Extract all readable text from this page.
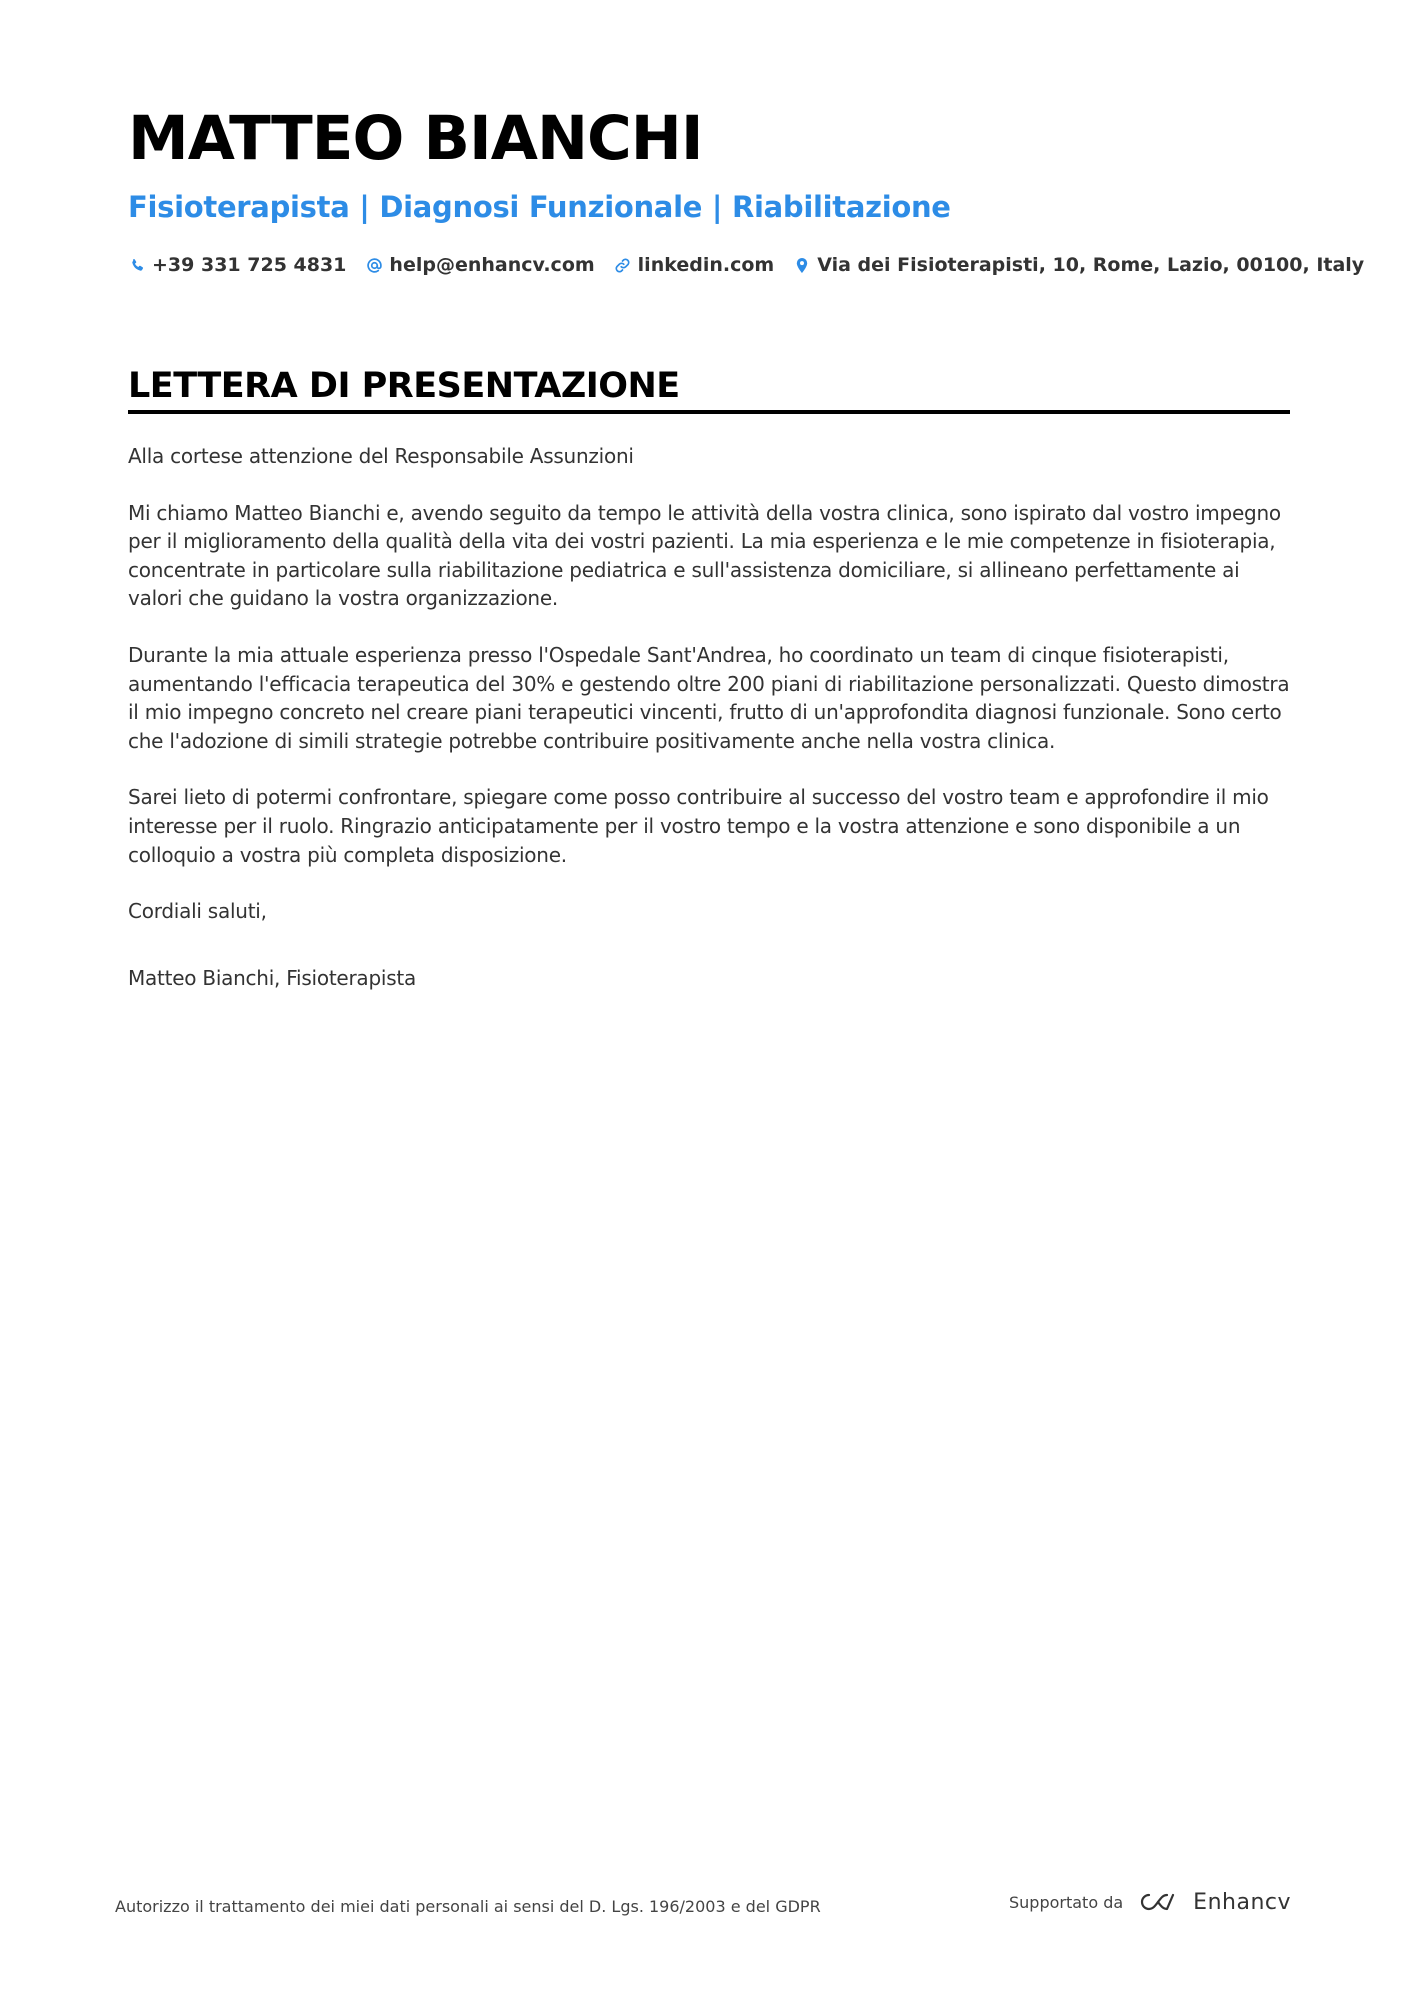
MATTEO BIANCHI
Fisioterapista | Diagnosi Funzionale | Riabilitazione
+39 331 725 4831 help@enhancv.com linkedin.com Via dei Fisioterapisti, 10, Rome, Lazio, 00100, Italy
LETTERA DI PRESENTAZIONE

Alla cortese attenzione del Responsabile Assunzioni

Mi chiamo Matteo Bianchi e, avendo seguito da tempo le attività della vostra clinica, sono ispirato dal vostro impegno per il miglioramento della qualità della vita dei vostri pazienti. La mia esperienza e le mie competenze in fisioterapia, concentrate in particolare sulla riabilitazione pediatrica e sull'assistenza domiciliare, si allineano perfettamente ai valori che guidano la vostra organizzazione.

Durante la mia attuale esperienza presso l'Ospedale Sant'Andrea, ho coordinato un team di cinque fisioterapisti, aumentando l'efficacia terapeutica del 30% e gestendo oltre 200 piani di riabilitazione personalizzati. Questo dimostra il mio impegno concreto nel creare piani terapeutici vincenti, frutto di un'approfondita diagnosi funzionale. Sono certo che l'adozione di simili strategie potrebbe contribuire positivamente anche nella vostra clinica.

Sarei lieto di potermi confrontare, spiegare come posso contribuire al successo del vostro team e approfondire il mio interesse per il ruolo. Ringrazio anticipatamente per il vostro tempo e la vostra attenzione e sono disponibile a un colloquio a vostra più completa disposizione.

Cordiali saluti,

Matteo Bianchi, Fisioterapista

Autorizzo il trattamento dei miei dati personali ai sensi del D. Lgs. 196/2003 e del GDPR	Supportato da	Enhancv
